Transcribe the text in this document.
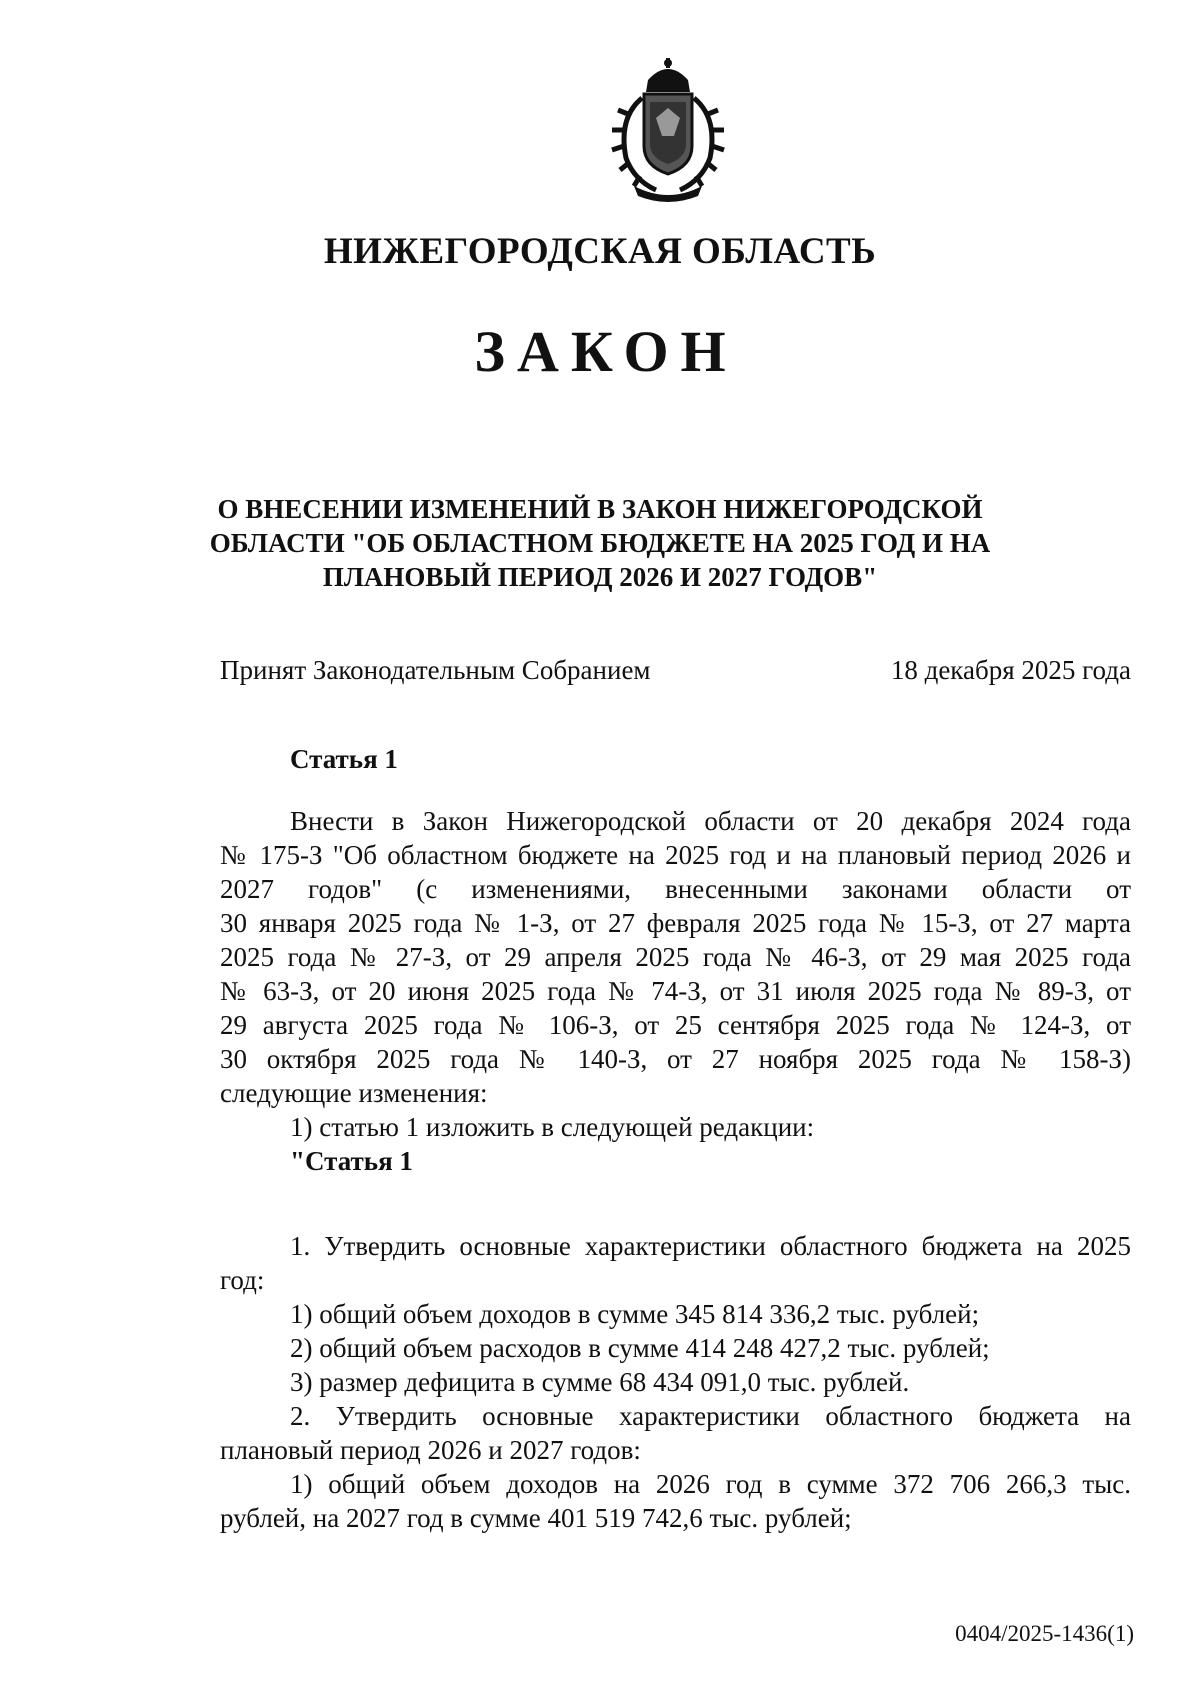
НИЖЕГОРОДСКАЯ ОБЛАСТЬ
ЗАКОН
О ВНЕСЕНИИ ИЗМЕНЕНИЙ В ЗАКОН НИЖЕГОРОДСКОЙ
ОБЛАСТИ "ОБ ОБЛАСТНОМ БЮДЖЕТЕ НА 2025 ГОД И НА
ПЛАНОВЫЙ ПЕРИОД 2026 И 2027 ГОДОВ"
Принят Законодательным Собранием	18 декабря 2025 года
Статья 1
Внести в Закон Нижегородской области от 20 декабря 2024 года
№ 175-З "Об областном бюджете на 2025 год и на плановый период 2026 и
2027 годов" (с изменениями, внесенными законами области от
30 января 2025 года № 1-З, от 27 февраля 2025 года № 15-З, от 27 марта
2025 года № 27-З, от 29 апреля 2025 года № 46-З, от 29 мая 2025 года
№ 63-З, от 20 июня 2025 года № 74-З, от 31 июля 2025 года № 89-З, от
29 августа 2025 года № 106-З, от 25 сентября 2025 года № 124-З, от
30 октября 2025 года № 140-З, от 27 ноября 2025 года № 158-З)
следующие изменения:
1) статью 1 изложить в следующей редакции:
"Статья 1
1. Утвердить основные характеристики областного бюджета на 2025
год:
1) общий объем доходов в сумме 345 814 336,2 тыс. рублей;
2) общий объем расходов в сумме 414 248 427,2 тыс. рублей;
3) размер дефицита в сумме 68 434 091,0 тыс. рублей.
2. Утвердить основные характеристики областного бюджета на
плановый период 2026 и 2027 годов:
1) общий объем доходов на 2026 год в сумме 372 706 266,3 тыс.
рублей, на 2027 год в сумме 401 519 742,6 тыс. рублей;
0404/2025-1436(1)
